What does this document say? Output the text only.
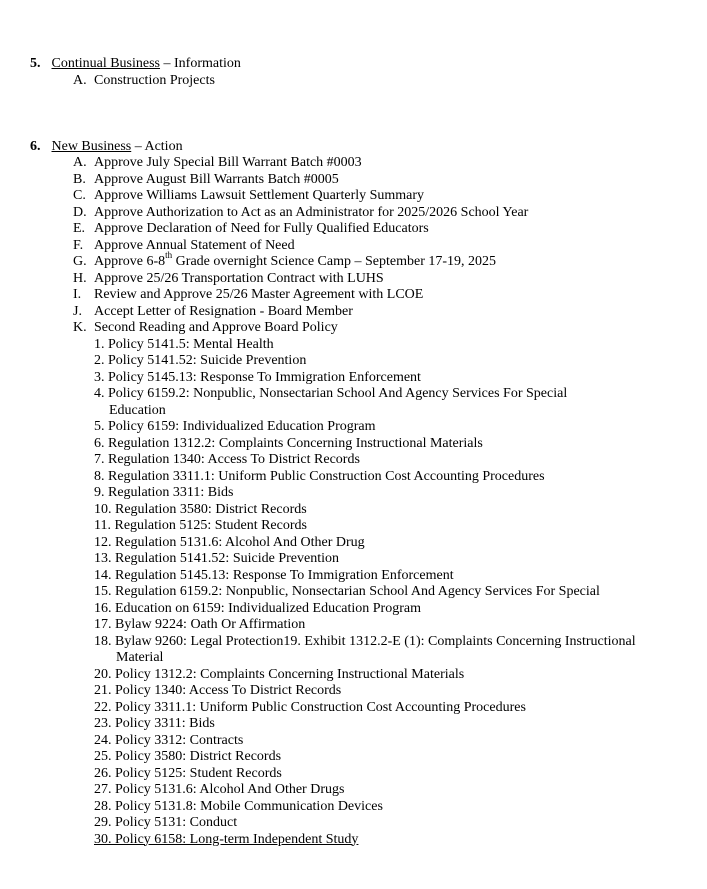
5. Continual Business – Information
A. Construction Projects
6. New Business – Action
A. Approve July Special Bill Warrant Batch #0003
B. Approve August Bill Warrants Batch #0005
C. Approve Williams Lawsuit Settlement Quarterly Summary
D. Approve Authorization to Act as an Administrator for 2025/2026 School Year
E. Approve Declaration of Need for Fully Qualified Educators
F. Approve Annual Statement of Need
G. Approve 6-8th Grade overnight Science Camp – September 17-19, 2025
H. Approve 25/26 Transportation Contract with LUHS
I. Review and Approve 25/26 Master Agreement with LCOE
J. Accept Letter of Resignation - Board Member
K. Second Reading and Approve Board Policy
1. Policy 5141.5: Mental Health
2. Policy 5141.52: Suicide Prevention
3. Policy 5145.13: Response To Immigration Enforcement
4. Policy 6159.2: Nonpublic, Nonsectarian School And Agency Services For Special
Education
5. Policy 6159: Individualized Education Program
6. Regulation 1312.2: Complaints Concerning Instructional Materials
7. Regulation 1340: Access To District Records
8. Regulation 3311.1: Uniform Public Construction Cost Accounting Procedures
9. Regulation 3311: Bids
10. Regulation 3580: District Records
11. Regulation 5125: Student Records
12. Regulation 5131.6: Alcohol And Other Drug
13. Regulation 5141.52: Suicide Prevention
14. Regulation 5145.13: Response To Immigration Enforcement
15. Regulation 6159.2: Nonpublic, Nonsectarian School And Agency Services For Special
16. Education on 6159: Individualized Education Program
17. Bylaw 9224: Oath Or Affirmation
18. Bylaw 9260: Legal Protection19. Exhibit 1312.2-E (1): Complaints Concerning Instructional
Material
20. Policy 1312.2: Complaints Concerning Instructional Materials
21. Policy 1340: Access To District Records
22. Policy 3311.1: Uniform Public Construction Cost Accounting Procedures
23. Policy 3311: Bids
24. Policy 3312: Contracts
25. Policy 3580: District Records
26. Policy 5125: Student Records
27. Policy 5131.6: Alcohol And Other Drugs
28. Policy 5131.8: Mobile Communication Devices
29. Policy 5131: Conduct
30. Policy 6158: Long-term Independent Study
